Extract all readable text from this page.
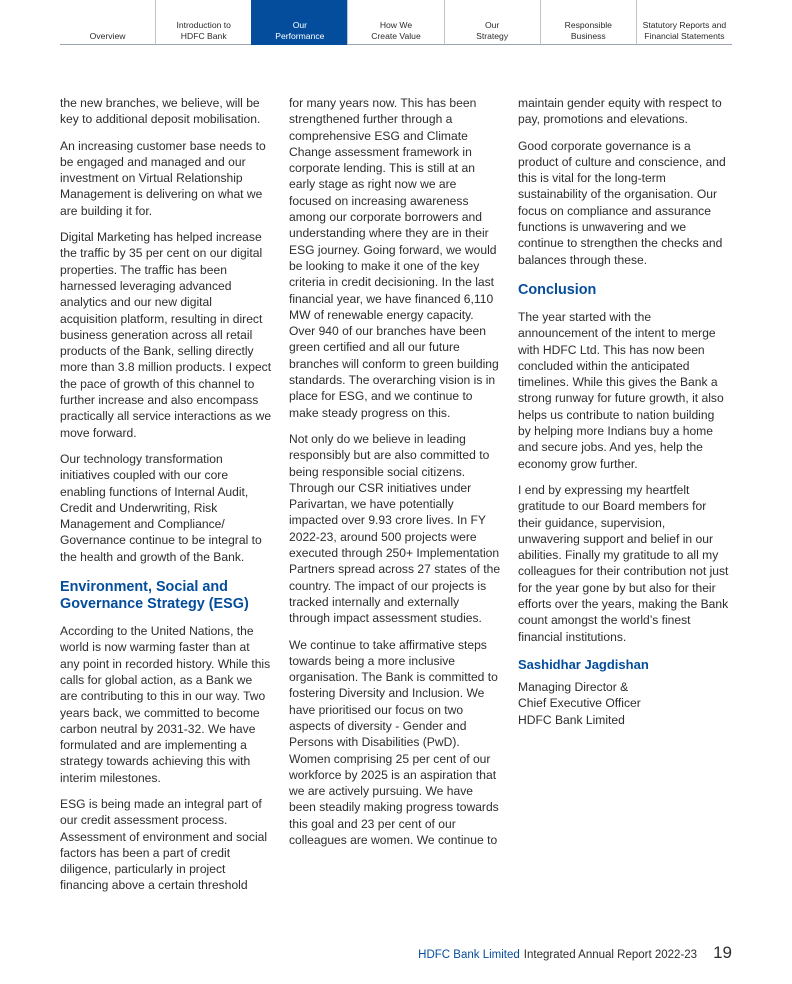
Overview
Introduction to
HDFC Bank
Our
Performance
How We
Create Value
Our
Strategy
Responsible
Business
Statutory Reports and
Financial Statements

the new branches, we believe, will be key to additional deposit mobilisation.

An increasing customer base needs to be engaged and managed and our investment on Virtual Relationship Management is delivering on what we are building it for.

Digital Marketing has helped increase the traffic by 35 per cent on our digital properties. The traffic has been harnessed leveraging advanced analytics and our new digital acquisition platform, resulting in direct business generation across all retail products of the Bank, selling directly more than 3.8 million products. I expect the pace of growth of this channel to further increase and also encompass practically all service interactions as we move forward.

Our technology transformation initiatives coupled with our core enabling functions of Internal Audit, Credit and Underwriting, Risk Management and Compliance/ Governance continue to be integral to the health and growth of the Bank.

Environment, Social and Governance Strategy (ESG)

According to the United Nations, the world is now warming faster than at any point in recorded history. While this calls for global action, as a Bank we are contributing to this in our way. Two years back, we committed to become carbon neutral by 2031-32. We have formulated and are implementing a strategy towards achieving this with interim milestones.

ESG is being made an integral part of our credit assessment process. Assessment of environment and social factors has been a part of credit diligence, particularly in project financing above a certain threshold

for many years now. This has been strengthened further through a comprehensive ESG and Climate Change assessment framework in corporate lending. This is still at an early stage as right now we are focused on increasing awareness among our corporate borrowers and understanding where they are in their ESG journey. Going forward, we would be looking to make it one of the key criteria in credit decisioning. In the last financial year, we have financed 6,110 MW of renewable energy capacity. Over 940 of our branches have been green certified and all our future branches will conform to green building standards. The overarching vision is in place for ESG, and we continue to make steady progress on this.

Not only do we believe in leading responsibly but are also committed to being responsible social citizens. Through our CSR initiatives under Parivartan, we have potentially impacted over 9.93 crore lives. In FY 2022-23, around 500 projects were executed through 250+ Implementation Partners spread across 27 states of the country. The impact of our projects is tracked internally and externally through impact assessment studies.

We continue to take affirmative steps towards being a more inclusive organisation. The Bank is committed to fostering Diversity and Inclusion. We have prioritised our focus on two aspects of diversity - Gender and Persons with Disabilities (PwD). Women comprising 25 per cent of our workforce by 2025 is an aspiration that we are actively pursuing. We have been steadily making progress towards this goal and 23 per cent of our colleagues are women. We continue to

maintain gender equity with respect to pay, promotions and elevations.

Good corporate governance is a product of culture and conscience, and this is vital for the long-term sustainability of the organisation. Our focus on compliance and assurance functions is unwavering and we continue to strengthen the checks and balances through these.

Conclusion

The year started with the announcement of the intent to merge with HDFC Ltd. This has now been concluded within the anticipated timelines. While this gives the Bank a strong runway for future growth, it also helps us contribute to nation building by helping more Indians buy a home and secure jobs. And yes, help the economy grow further.

I end by expressing my heartfelt gratitude to our Board members for their guidance, supervision, unwavering support and belief in our abilities. Finally my gratitude to all my colleagues for their contribution not just for the year gone by but also for their efforts over the years, making the Bank count amongst the world’s finest financial institutions.

Sashidhar Jagdishan
Managing Director &
Chief Executive Officer
HDFC Bank Limited
HDFC Bank Limited Integrated Annual Report 2022-23 19
